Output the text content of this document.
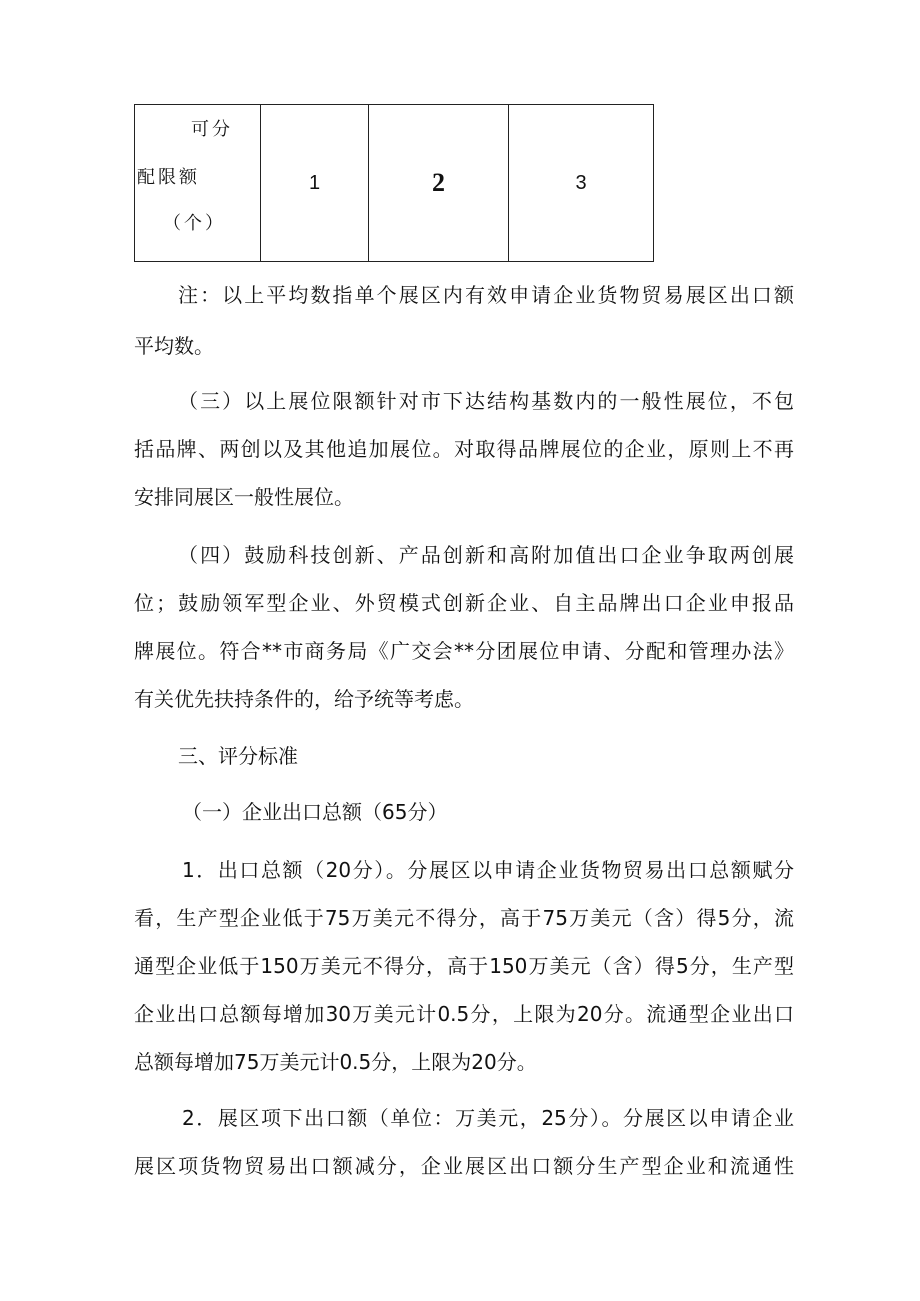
可分
配限额
（个）
	1	2	3
注：以上平均数指单个展区内有效申请企业货物贸易展区出口额
平均数。
（三）以上展位限额针对市下达结构基数内的一般性展位，不包
括品牌、两创以及其他追加展位。对取得品牌展位的企业，原则上不再
安排同展区一般性展位。
（四）鼓励科技创新、产品创新和高附加值出口企业争取两创展
位；鼓励领军型企业、外贸模式创新企业、自主品牌出口企业申报品
牌展位。符合**市商务局《广交会**分团展位申请、分配和管理办法》
有关优先扶持条件的，给予统等考虑。
三、评分标准
（一）企业出口总额（65分）
1．出口总额（20分）。分展区以申请企业货物贸易出口总额赋分
看，生产型企业低于75万美元不得分，高于75万美元（含）得5分，流
通型企业低于150万美元不得分，高于150万美元（含）得5分，生产型
企业出口总额每增加30万美元计0.5分，上限为20分。流通型企业出口
总额每增加75万美元计0.5分，上限为20分。
2．展区项下出口额（单位：万美元，25分）。分展区以申请企业
展区项货物贸易出口额减分，企业展区出口额分生产型企业和流通性
